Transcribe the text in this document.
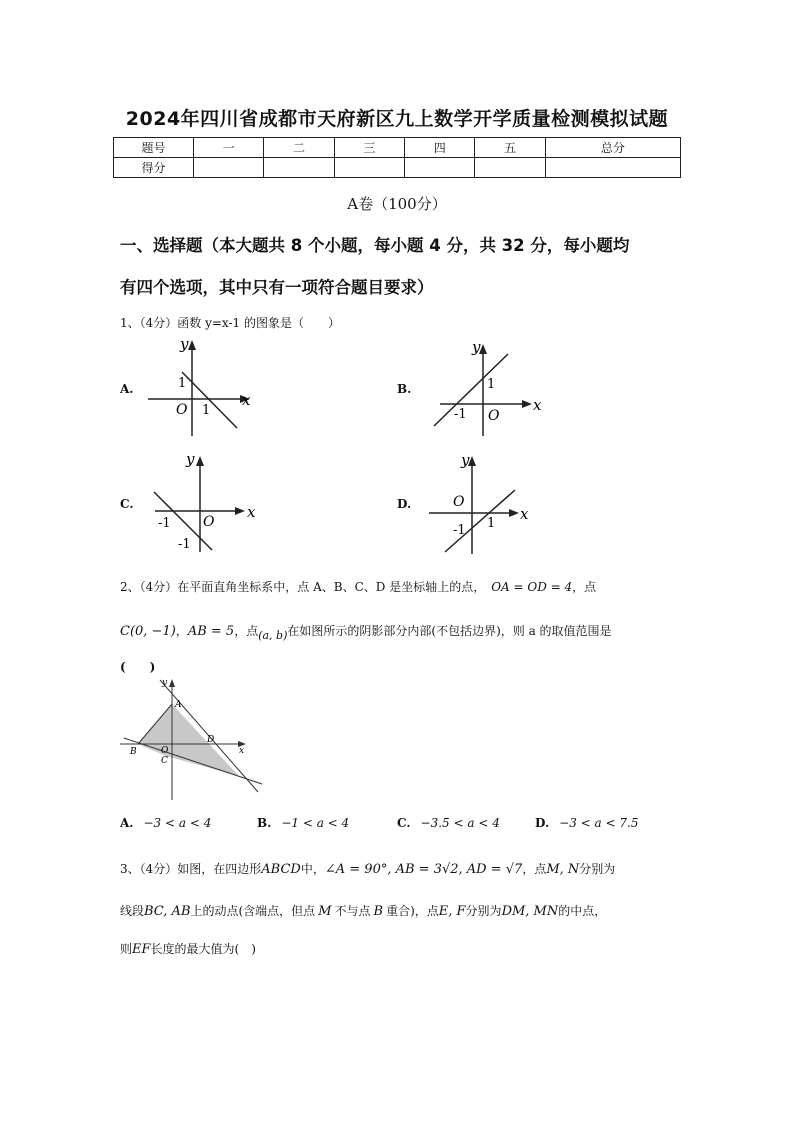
2024年四川省成都市天府新区九上数学开学质量检测模拟试题
题号	一	二	三	四	五	总分
得分						
A卷（100分）
一、选择题（本大题共 8 个小题，每小题 4 分，共 32 分，每小题均
有四个选项，其中只有一项符合题目要求）
1、（4分）函数 y=x-1 的图象是（　　）
A.
x
y
O
1
1
B.
x
y
O
1
-1
C.	x
y
O
-1
-1
D.
x
y
O
-1 1
2、（4分）在平面直角坐标系中，点 A、B、C、D 是坐标轴上的点， OA = OD = 4，点
C(0, −1)，AB = 5，点(a, b)在如图所示的阴影部分内部(不包括边界)，则 a 的取值范围是
(　　)
y
x
A
B
C
D
O
A. −3 < a < 4	B. −1 < a < 4	C. −3.5 < a < 4	D. −3 < a < 7.5
3、（4分）如图，在四边形ABCD中，∠A = 90°, AB = 3√2, AD = √7，点M, N分别为
线段BC, AB上的动点(含端点，但点 M 不与点 B 重合)，点E, F分别为DM, MN的中点，
则EF长度的最大值为(　)
